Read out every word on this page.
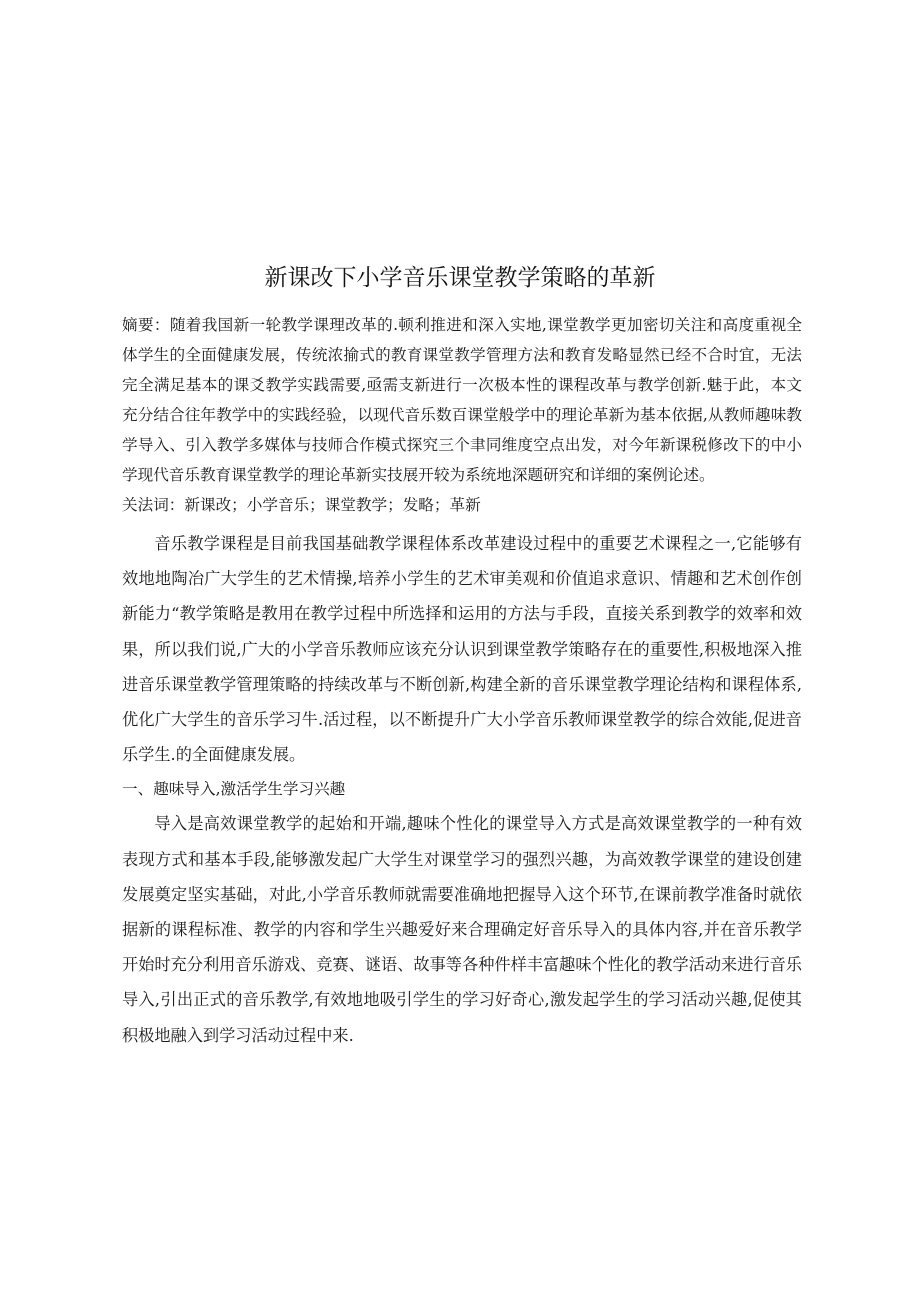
新课改下小学音乐课堂教学策略的革新

嫡要：随着我国新一轮教学课理改革的.顿利推进和深入实地,课堂教学更加密切关注和高度重视全体学生的全面健康发展，传统浓揄式的教育课堂教学管理方法和教育发略显然已经不合时宜，无法完全满足基本的课爻教学实践需要,亟需支新进行一次极本性的课程改革与教学创新.魅于此，本文充分结合往年教学中的实践经验，以现代音乐数百课堂般学中的理论革新为基本依据,从教师趣味教学导入、引入教学多媒体与技师合作模式探究三个聿同维度空点出发，对今年新课税修改下的中小学现代音乐教育课堂教学的理论革新实技展开较为系统地深题研究和详细的案例论述。

关法词：新课改；小学音乐；课堂教学；发略；革新

音乐教学课程是目前我国基础教学课程体系改革建设过程中的重要艺术课程之一,它能够有效地地陶冶广大学生的艺术情操,培养小学生的艺术审美观和价值追求意识、情趣和艺术创作创新能力“教学策略是教用在教学过程中所选择和运用的方法与手段，直接关系到教学的效率和效果，所以我们说,广大的小学音乐教师应该充分认识到课堂教学策略存在的重要性,积极地深入推进音乐课堂教学管理策略的持续改革与不断创新,构建全新的音乐课堂教学理论结构和课程体系,优化广大学生的音乐学习牛.活过程，以不断提升广大小学音乐教师课堂教学的综合效能,促进音乐学生.的全面健康发展。

一、趣味导入,激活学生学习兴趣

导入是高效课堂教学的起始和开端,趣味个性化的课堂导入方式是高效课堂教学的一种有效表现方式和基本手段,能够激发起广大学生对课堂学习的强烈兴趣，为高效教学课堂的建设创建发展奠定坚实基础，对此,小学音乐教师就需要准确地把握导入这个环节,在课前教学准备时就依据新的课程标准、教学的内容和学生兴趣爱好来合理确定好音乐导入的具体内容,并在音乐教学开始时充分利用音乐游戏、竞赛、谜语、故事等各种件样丰富趣味个性化的教学活动来进行音乐导入,引出正式的音乐教学,有效地地吸引学生的学习好奇心,激发起学生的学习活动兴趣,促使其积极地融入到学习活动过程中来.
